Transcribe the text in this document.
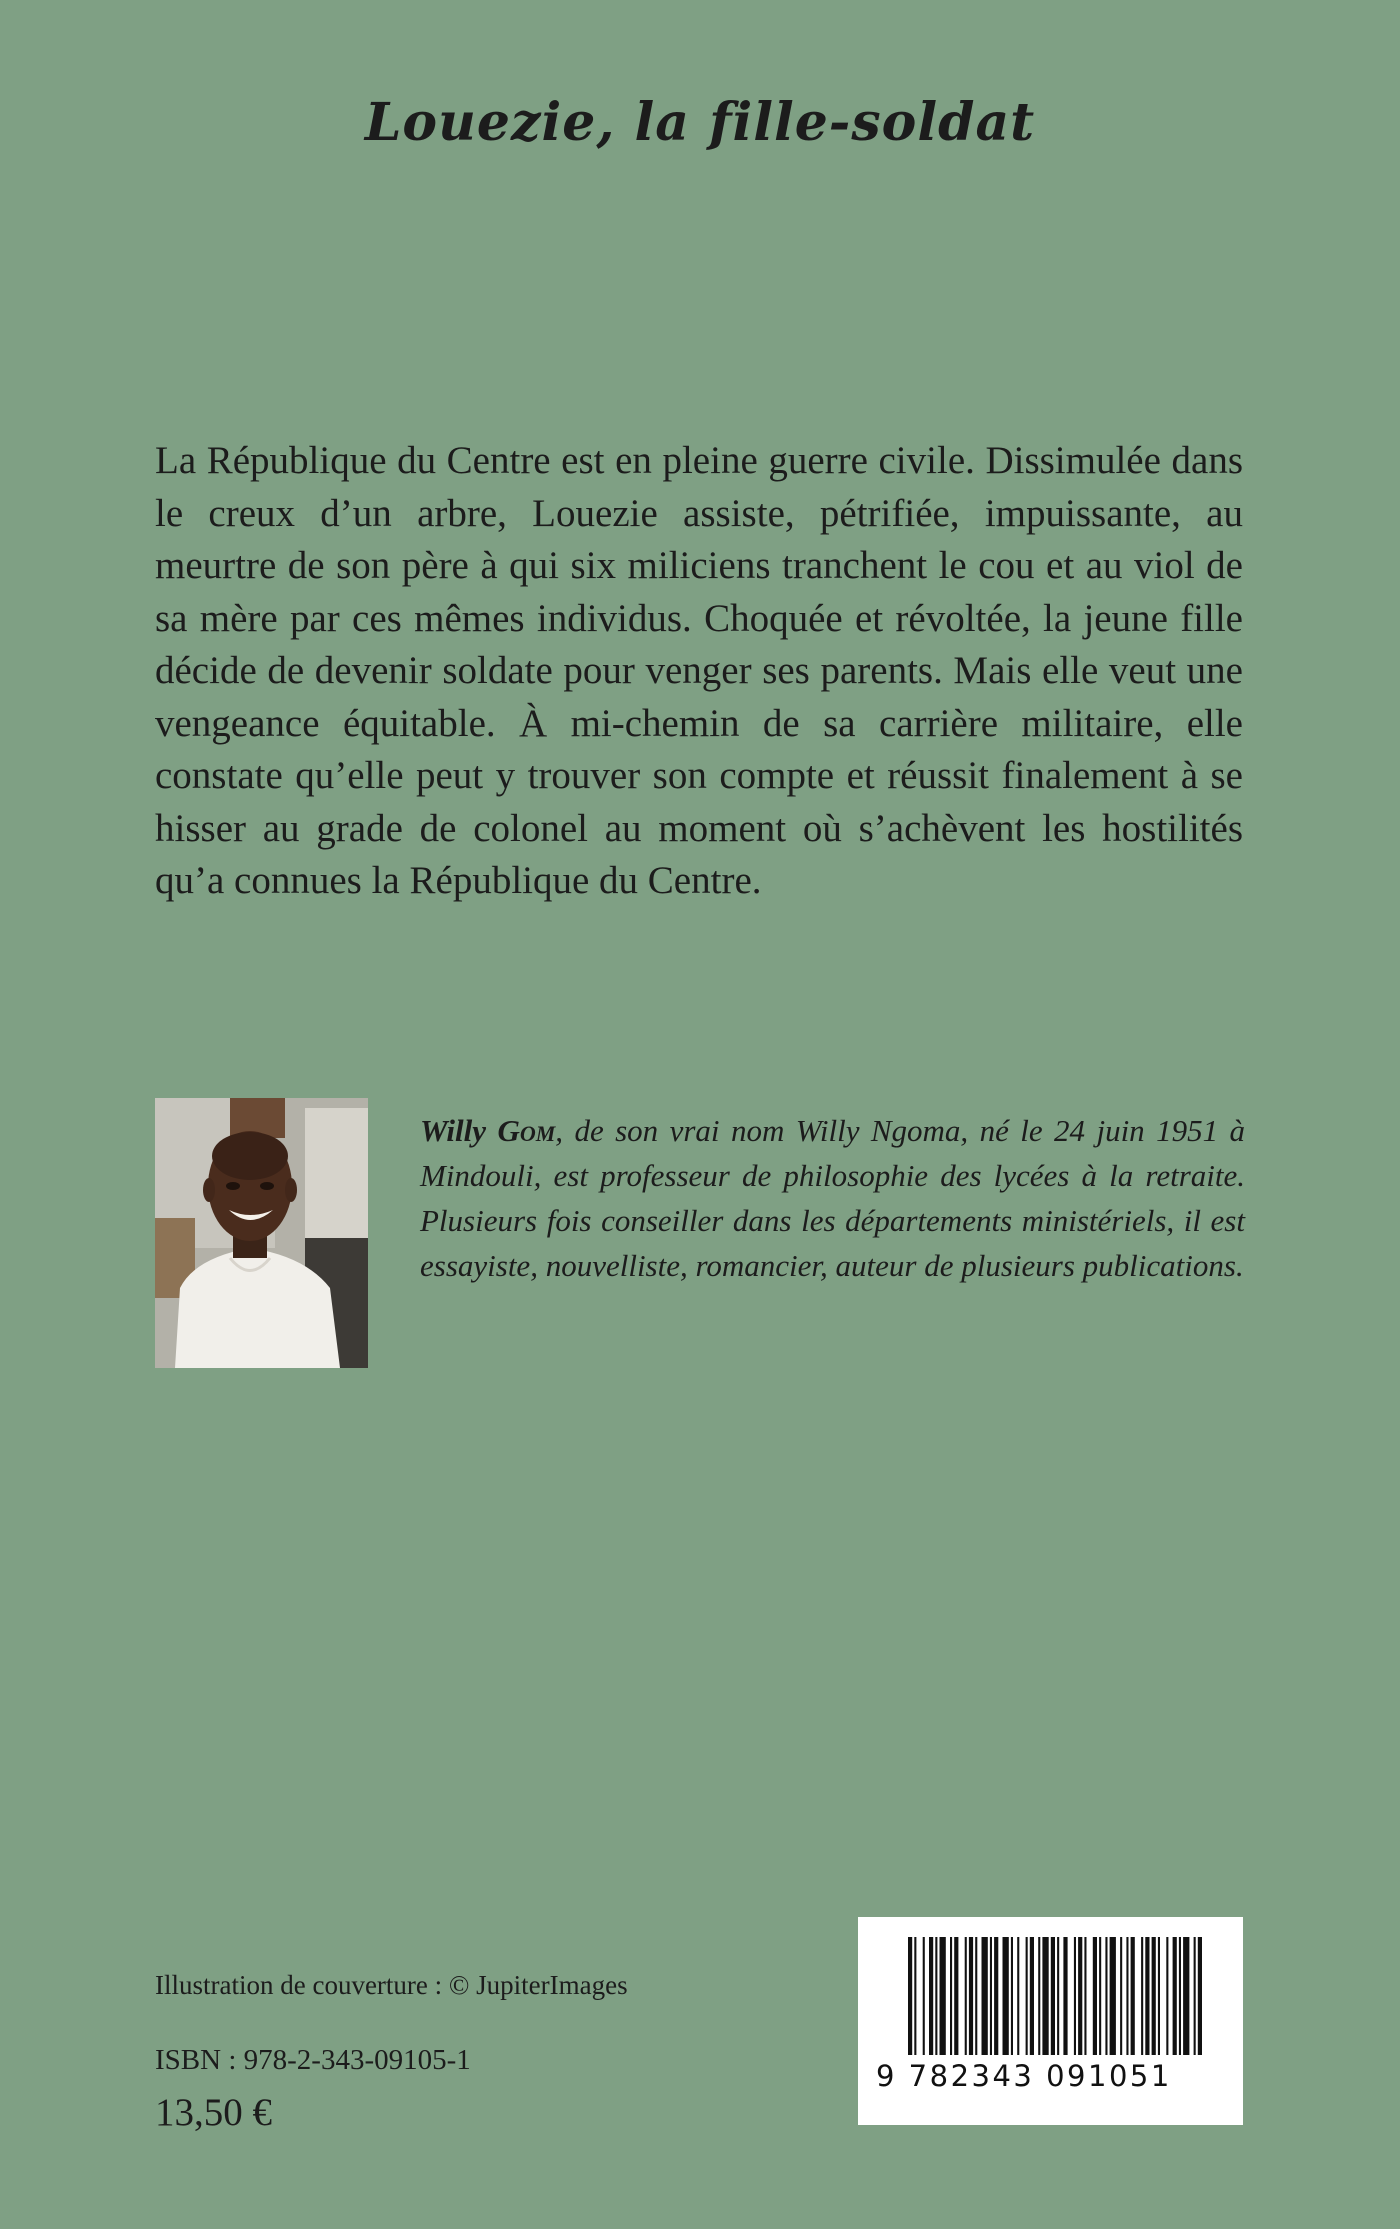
Louezie, la fille-soldat

La République du Centre est en pleine guerre civile. Dissimulée dans le creux d’un arbre, Louezie assiste, pétrifiée, impuissante, au meurtre de son père à qui six miliciens tranchent le cou et au viol de sa mère par ces mêmes individus. Choquée et révoltée, la jeune fille décide de devenir soldate pour venger ses parents. Mais elle veut une vengeance équitable. À mi-chemin de sa carrière militaire, elle constate qu’elle peut y trouver son compte et réussit finalement à se hisser au grade de colonel au moment où s’achèvent les hostilités qu’a connues la République du Centre.

Willy Gom, de son vrai nom Willy Ngoma, né le 24 juin 1951 à Mindouli, est professeur de philosophie des lycées à la retraite. Plusieurs fois conseiller dans les départements ministériels, il est essayiste, nouvelliste, romancier, auteur de plusieurs publications.

Illustration de couverture : © JupiterImages

ISBN : 978-2-343-09105-1

13,50 €

9 782343 091051
